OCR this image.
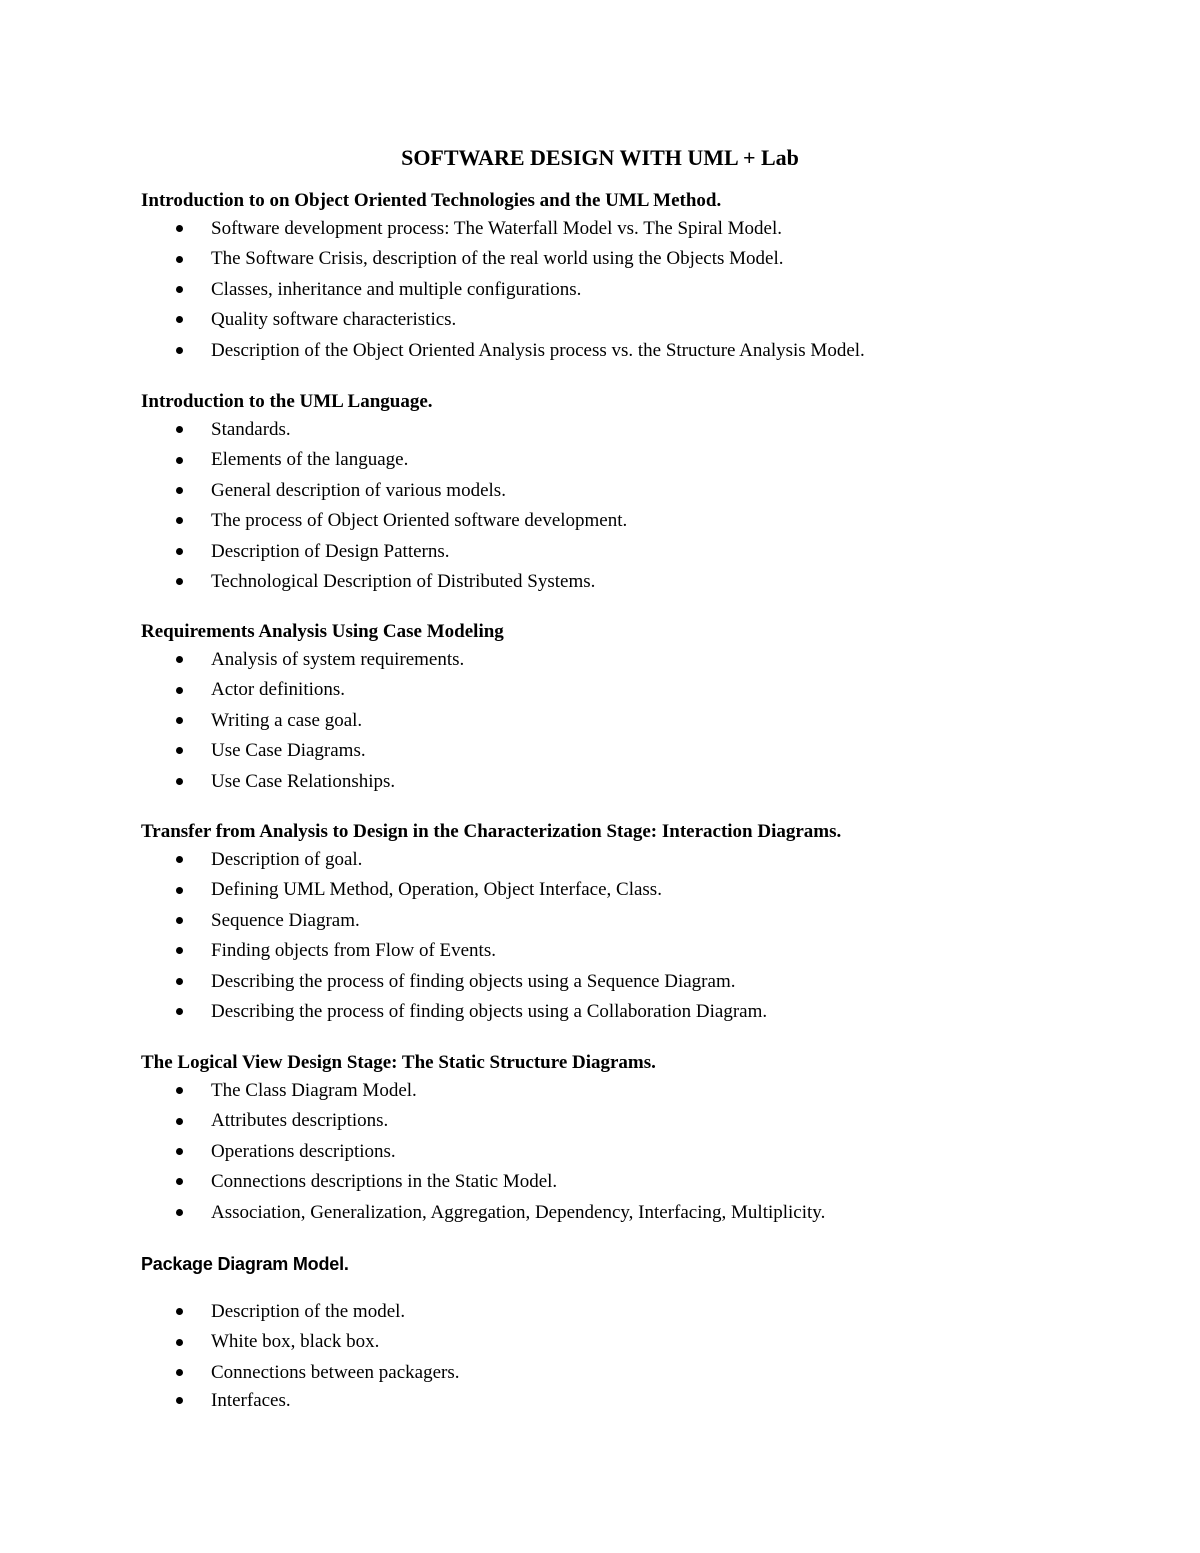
SOFTWARE DESIGN WITH UML + Lab
Introduction to on Object Oriented Technologies and the UML Method.
Software development process: The Waterfall Model vs. The Spiral Model.
The Software Crisis, description of the real world using the Objects Model.
Classes, inheritance and multiple configurations.
Quality software characteristics.
Description of the Object Oriented Analysis process vs. the Structure Analysis Model.
Introduction to the UML Language.
Standards.
Elements of the language.
General description of various models.
The process of Object Oriented software development.
Description of Design Patterns.
Technological Description of Distributed Systems.
Requirements Analysis Using Case Modeling
Analysis of system requirements.
Actor definitions.
Writing a case goal.
Use Case Diagrams.
Use Case Relationships.
Transfer from Analysis to Design in the Characterization Stage: Interaction Diagrams.
Description of goal.
Defining UML Method, Operation, Object Interface, Class.
Sequence Diagram.
Finding objects from Flow of Events.
Describing the process of finding objects using a Sequence Diagram.
Describing the process of finding objects using a Collaboration Diagram.
The Logical View Design Stage: The Static Structure Diagrams.
The Class Diagram Model.
Attributes descriptions.
Operations descriptions.
Connections descriptions in the Static Model.
Association, Generalization, Aggregation, Dependency, Interfacing, Multiplicity.
Package Diagram Model.
Description of the model.
White box, black box.
Connections between packagers.
Interfaces.
